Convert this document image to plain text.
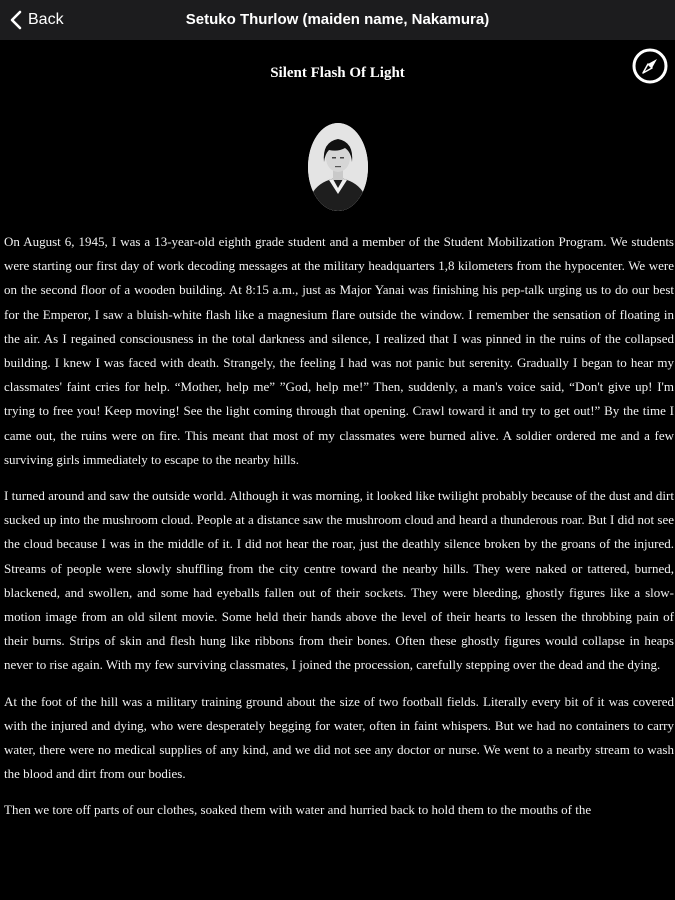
Back	Setuko Thurlow (maiden name, Nakamura)
Silent Flash Of Light

On August 6, 1945, I was a 13-year-old eighth grade student and a member of the Student Mobilization Program. We students were starting our first day of work decoding messages at the military headquarters 1,8 kilometers from the hypocenter. We were on the second floor of a wooden building. At 8:15 a.m., just as Major Yanai was finishing his pep-talk urging us to do our best for the Emperor, I saw a bluish-white flash like a magnesium flare outside the window. I remember the sensation of floating in the air. As I regained consciousness in the total darkness and silence, I realized that I was pinned in the ruins of the collapsed building. I knew I was faced with death. Strangely, the feeling I had was not panic but serenity. Gradually I began to hear my classmates' faint cries for help. “Mother, help me” ”God, help me!” Then, suddenly, a man's voice said, “Don't give up! I'm trying to free you! Keep moving! See the light coming through that opening. Crawl toward it and try to get out!” By the time I came out, the ruins were on fire. This meant that most of my classmates were burned alive. A soldier ordered me and a few surviving girls immediately to escape to the nearby hills.

I turned around and saw the outside world. Although it was morning, it looked like twilight probably because of the dust and dirt sucked up into the mushroom cloud. People at a distance saw the mushroom cloud and heard a thunderous roar. But I did not see the cloud because I was in the middle of it. I did not hear the roar, just the deathly silence broken by the groans of the injured. Streams of people were slowly shuffling from the city centre toward the nearby hills. They were naked or tattered, burned, blackened, and swollen, and some had eyeballs fallen out of their sockets. They were bleeding, ghostly figures like a slow-motion image from an old silent movie. Some held their hands above the level of their hearts to lessen the throbbing pain of their burns. Strips of skin and flesh hung like ribbons from their bones. Often these ghostly figures would collapse in heaps never to rise again. With my few surviving classmates, I joined the procession, carefully stepping over the dead and the dying.

At the foot of the hill was a military training ground about the size of two football fields. Literally every bit of it was covered with the injured and dying, who were desperately begging for water, often in faint whispers. But we had no containers to carry water, there were no medical supplies of any kind, and we did not see any doctor or nurse. We went to a nearby stream to wash the blood and dirt from our bodies.

Then we tore off parts of our clothes, soaked them with water and hurried back to hold them to the mouths of the
